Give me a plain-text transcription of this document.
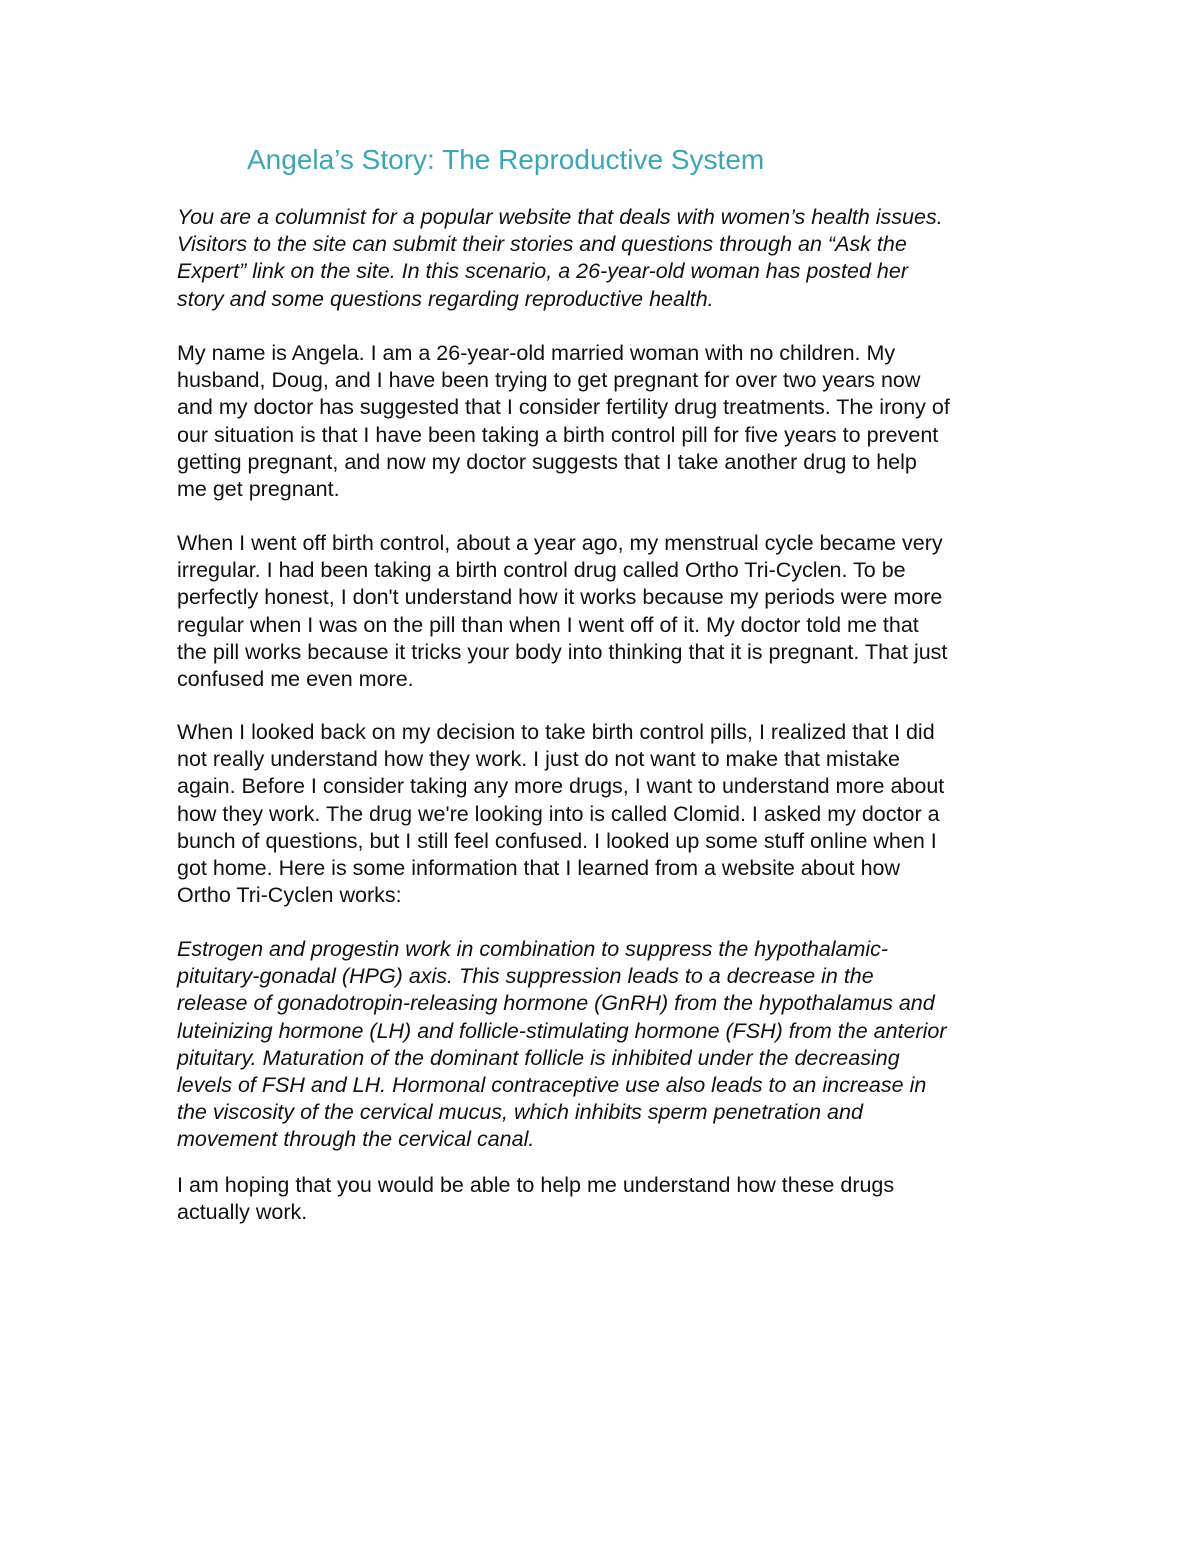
Angela’s Story: The Reproductive System

You are a columnist for a popular website that deals with women’s health issues.
Visitors to the site can submit their stories and questions through an “Ask the
Expert” link on the site. In this scenario, a 26-year-old woman has posted her
story and some questions regarding reproductive health.

My name is Angela. I am a 26-year-old married woman with no children. My
husband, Doug, and I have been trying to get pregnant for over two years now
and my doctor has suggested that I consider fertility drug treatments. The irony of
our situation is that I have been taking a birth control pill for five years to prevent
getting pregnant, and now my doctor suggests that I take another drug to help
me get pregnant.

When I went off birth control, about a year ago, my menstrual cycle became very
irregular. I had been taking a birth control drug called Ortho Tri-Cyclen. To be
perfectly honest, I don't understand how it works because my periods were more
regular when I was on the pill than when I went off of it. My doctor told me that
the pill works because it tricks your body into thinking that it is pregnant. That just
confused me even more.

When I looked back on my decision to take birth control pills, I realized that I did
not really understand how they work. I just do not want to make that mistake
again. Before I consider taking any more drugs, I want to understand more about
how they work. The drug we're looking into is called Clomid. I asked my doctor a
bunch of questions, but I still feel confused. I looked up some stuff online when I
got home. Here is some information that I learned from a website about how
Ortho Tri-Cyclen works:

Estrogen and progestin work in combination to suppress the hypothalamic-
pituitary-gonadal (HPG) axis. This suppression leads to a decrease in the
release of gonadotropin-releasing hormone (GnRH) from the hypothalamus and
luteinizing hormone (LH) and follicle-stimulating hormone (FSH) from the anterior
pituitary. Maturation of the dominant follicle is inhibited under the decreasing
levels of FSH and LH. Hormonal contraceptive use also leads to an increase in
the viscosity of the cervical mucus, which inhibits sperm penetration and
movement through the cervical canal.

I am hoping that you would be able to help me understand how these drugs
actually work.
